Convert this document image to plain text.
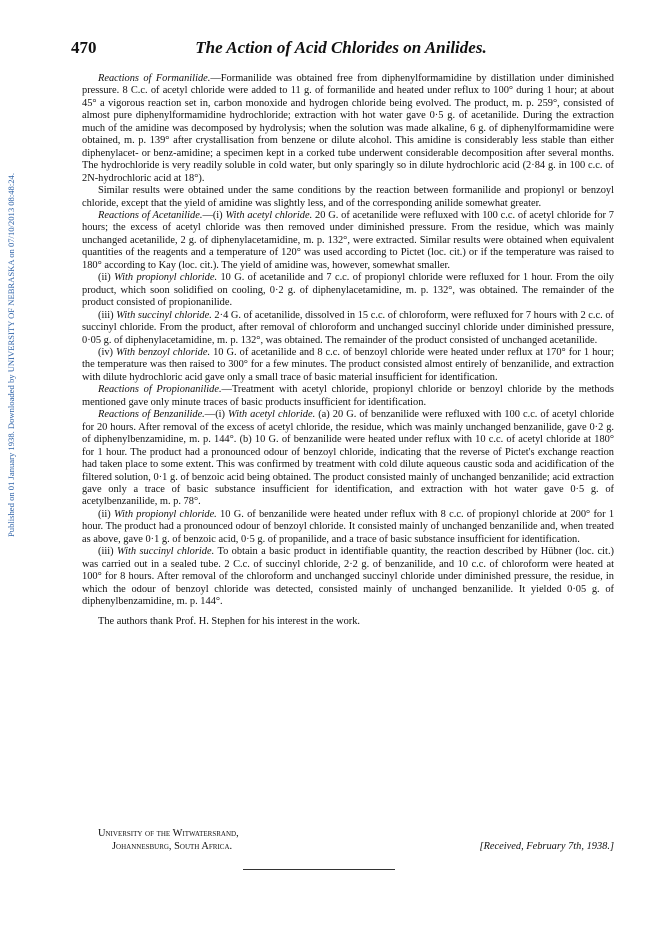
Published on 01 January 1938. Downloaded by UNIVERSITY OF NEBRASKA on 07/10/2013 08:48:24.
470	The Action of Acid Chlorides on Anilides.

Reactions of Formanilide.—Formanilide was obtained free from diphenylformamidine by distillation under diminished pressure. 8 C.c. of acetyl chloride were added to 11 g. of formanilide and heated under reflux to 100° during 1 hour; at about 45° a vigorous reaction set in, carbon monoxide and hydrogen chloride being evolved. The product, m. p. 259°, consisted of almost pure diphenylformamidine hydrochloride; extraction with hot water gave 0·5 g. of acetanilide. During the extraction much of the amidine was decomposed by hydrolysis; when the solution was made alkaline, 6 g. of diphenylformamidine were obtained, m. p. 139° after crystallisation from benzene or dilute alcohol. This amidine is considerably less stable than either diphenylacet- or benz-amidine; a specimen kept in a corked tube underwent considerable decomposition after several months. The hydrochloride is very readily soluble in cold water, but only sparingly so in dilute hydrochloric acid (2·84 g. in 100 c.c. of 2N-hydrochloric acid at 18°).

Similar results were obtained under the same conditions by the reaction between formanilide and propionyl or benzoyl chloride, except that the yield of amidine was slightly less, and of the corresponding anilide somewhat greater.

Reactions of Acetanilide.—(i) With acetyl chloride. 20 G. of acetanilide were refluxed with 100 c.c. of acetyl chloride for 7 hours; the excess of acetyl chloride was then removed under diminished pressure. From the residue, which was mainly unchanged acetanilide, 2 g. of diphenylacetamidine, m. p. 132°, were extracted. Similar results were obtained when equivalent quantities of the reagents and a temperature of 120° was used according to Pictet (loc. cit.) or if the temperature was raised to 180° according to Kay (loc. cit.). The yield of amidine was, however, somewhat smaller.

(ii) With propionyl chloride. 10 G. of acetanilide and 7 c.c. of propionyl chloride were refluxed for 1 hour. From the oily product, which soon solidified on cooling, 0·2 g. of diphenylacetamidine, m. p. 132°, was obtained. The remainder of the product consisted of propionanilide.

(iii) With succinyl chloride. 2·4 G. of acetanilide, dissolved in 15 c.c. of chloroform, were refluxed for 7 hours with 2 c.c. of succinyl chloride. From the product, after removal of chloroform and unchanged succinyl chloride under diminished pressure, 0·05 g. of diphenylacetamidine, m. p. 132°, was obtained. The remainder of the product consisted of unchanged acetanilide.

(iv) With benzoyl chloride. 10 G. of acetanilide and 8 c.c. of benzoyl chloride were heated under reflux at 170° for 1 hour; the temperature was then raised to 300° for a few minutes. The product consisted almost entirely of benzanilide, and extraction with dilute hydrochloric acid gave only a small trace of basic material insufficient for identification.

Reactions of Propionanilide.—Treatment with acetyl chloride, propionyl chloride or benzoyl chloride by the methods mentioned gave only minute traces of basic products insufficient for identification.

Reactions of Benzanilide.—(i) With acetyl chloride. (a) 20 G. of benzanilide were refluxed with 100 c.c. of acetyl chloride for 20 hours. After removal of the excess of acetyl chloride, the residue, which was mainly unchanged benzanilide, gave 0·2 g. of diphenylbenzamidine, m. p. 144°. (b) 10 G. of benzanilide were heated under reflux with 10 c.c. of acetyl chloride at 180° for 1 hour. The product had a pronounced odour of benzoyl chloride, indicating that the reverse of Pictet's exchange reaction had taken place to some extent. This was confirmed by treatment with cold dilute aqueous caustic soda and acidification of the filtered solution, 0·1 g. of benzoic acid being obtained. The product consisted mainly of unchanged benzanilide; acid extraction gave only a trace of basic substance insufficient for identification, and extraction with hot water gave 0·5 g. of acetylbenzanilide, m. p. 78°.

(ii) With propionyl chloride. 10 G. of benzanilide were heated under reflux with 8 c.c. of propionyl chloride at 200° for 1 hour. The product had a pronounced odour of benzoyl chloride. It consisted mainly of unchanged benzanilide and, when treated as above, gave 0·1 g. of benzoic acid, 0·5 g. of propanilide, and a trace of basic substance insufficient for identification.

(iii) With succinyl chloride. To obtain a basic product in identifiable quantity, the reaction described by Hübner (loc. cit.) was carried out in a sealed tube. 2 C.c. of succinyl chloride, 2·2 g. of benzanilide, and 10 c.c. of chloroform were heated at 100° for 8 hours. After removal of the chloroform and unchanged succinyl chloride under diminished pressure, the residue, in which the odour of benzoyl chloride was detected, consisted mainly of unchanged benzanilide. It yielded 0·05 g. of diphenylbenzamidine, m. p. 144°.

The authors thank Prof. H. Stephen for his interest in the work.

University of the Witwatersrand,
Johannesburg, South Africa.	[Received, February 7th, 1938.]
